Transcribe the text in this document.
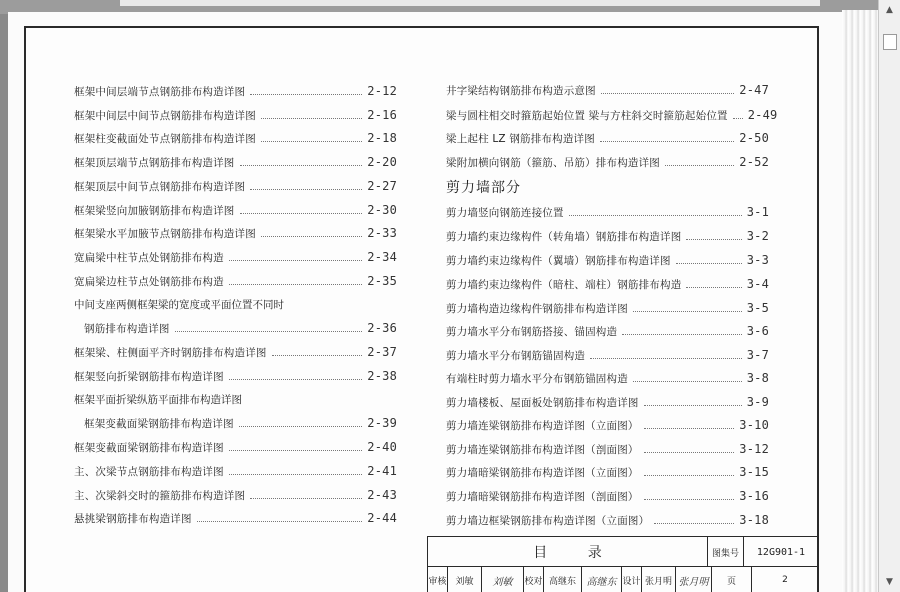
框架中间层端节点钢筋排布构造详图	2-12
框架中间层中间节点钢筋排布构造详图	2-16
框架柱变截面处节点钢筋排布构造详图	2-18
框架顶层端节点钢筋排布构造详图	2-20
框架顶层中间节点钢筋排布构造详图	2-27
框架梁竖向加腋钢筋排布构造详图	2-30
框架梁水平加腋节点钢筋排布构造详图	2-33
宽扁梁中柱节点处钢筋排布构造	2-34
宽扁梁边柱节点处钢筋排布构造	2-35
中间支座两侧框架梁的宽度或平面位置不同时
钢筋排布构造详图	2-36
框架梁、柱侧面平齐时钢筋排布构造详图	2-37
框架竖向折梁钢筋排布构造详图	2-38
框架平面折梁纵筋平面排布构造详图
框架变截面梁钢筋排布构造详图	2-39
框架变截面梁钢筋排布构造详图	2-40
主、次梁节点钢筋排布构造详图	2-41
主、次梁斜交时的箍筋排布构造详图	2-43
悬挑梁钢筋排布构造详图	2-44
井字梁结构钢筋排布构造示意图	2-47
梁与圆柱相交时箍筋起始位置 梁与方柱斜交时箍筋起始位置 2-49
梁上起柱 LZ 钢筋排布构造详图	2-50
梁附加横向钢筋（箍筋、吊筋）排布构造详图	2-52
剪力墙竖向钢筋连接位置	3-1
剪力墙约束边缘构件（转角墙）钢筋排布构造详图	3-2
剪力墙约束边缘构件（翼墙）钢筋排布构造详图	3-3
剪力墙约束边缘构件（暗柱、端柱）钢筋排布构造	3-4
剪力墙构造边缘构件钢筋排布构造详图	3-5
剪力墙水平分布钢筋搭接、锚固构造	3-6
剪力墙水平分布钢筋锚固构造	3-7
有端柱时剪力墙水平分布钢筋锚固构造	3-8
剪力墙楼板、屋面板处钢筋排布构造详图	3-9
剪力墙连梁钢筋排布构造详图（立面图）	3-10
剪力墙连梁钢筋排布构造详图（剖面图）	3-12
剪力墙暗梁钢筋排布构造详图（立面图）	3-15
剪力墙暗梁钢筋排布构造详图（剖面图）	3-16
剪力墙边框梁钢筋排布构造详图（立面图）	3-18
剪力墙部分
目 录	图集号	12G901-1
审核 刘敏	刘敏	校对 高继东	高继东 设计 张月明 张月明	页	2
▲
▼
